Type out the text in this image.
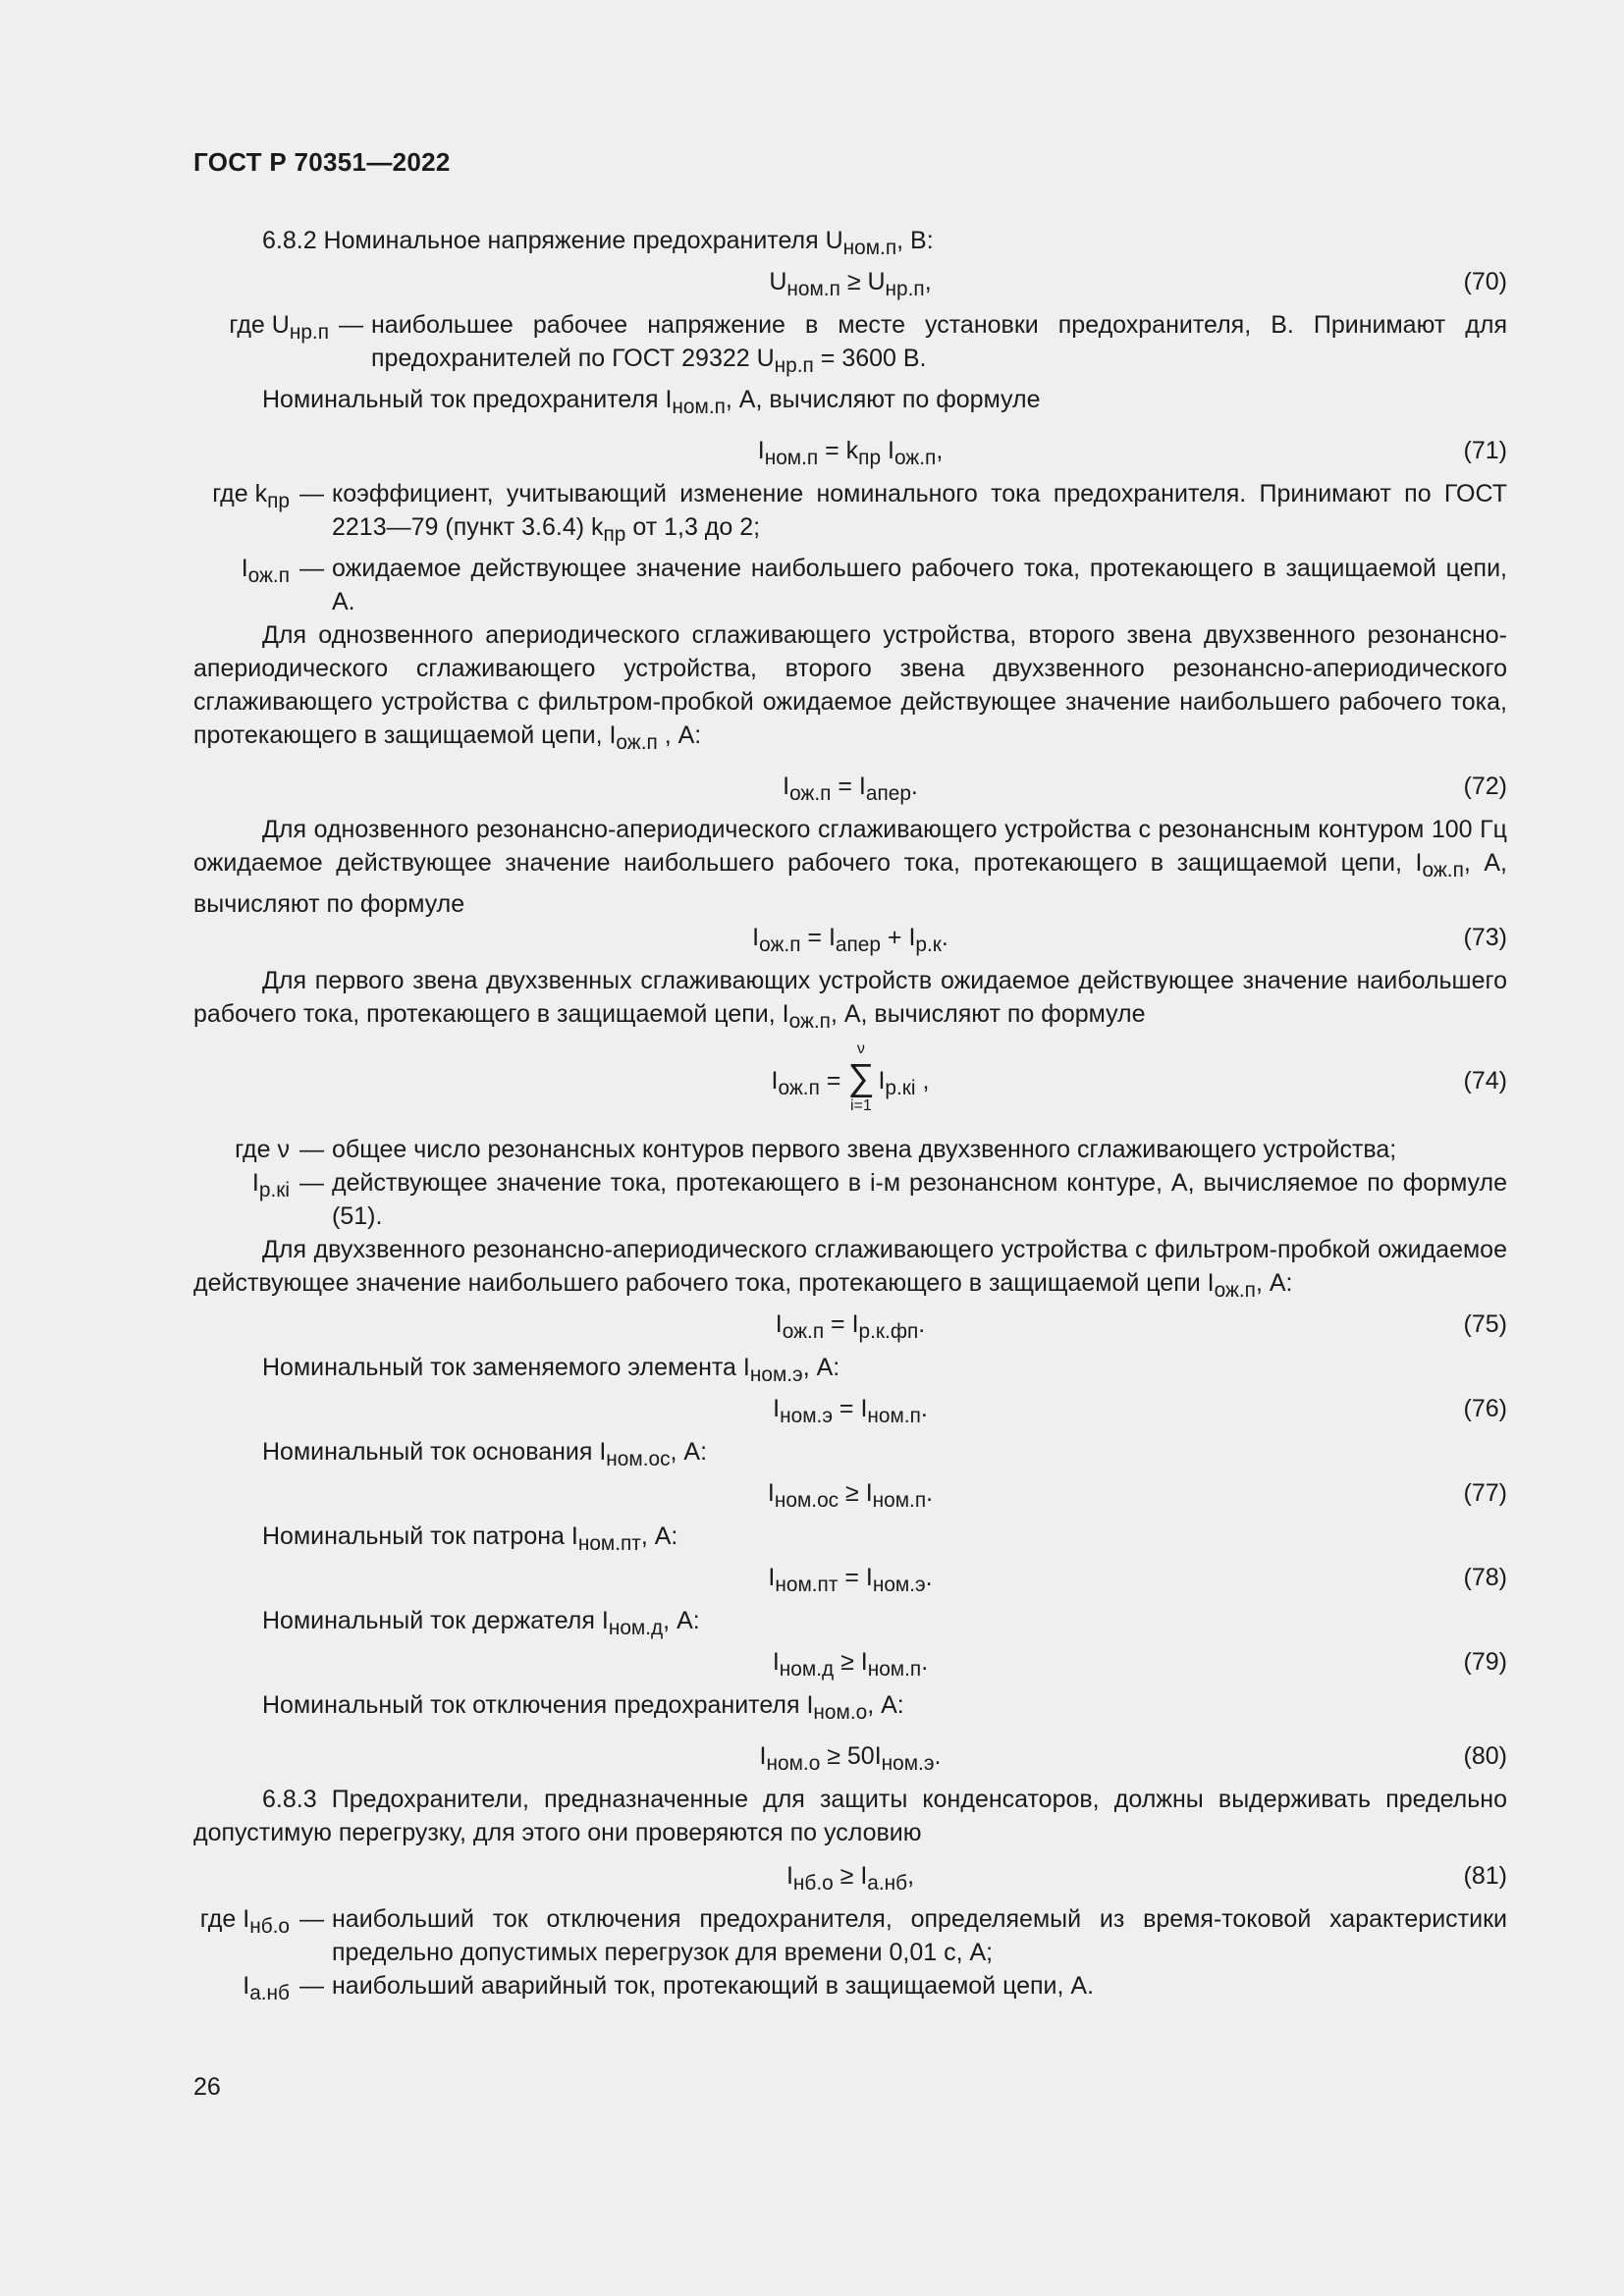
ГОСТ Р 70351—2022

6.8.2 Номинальное напряжение предохранителя $U_{ном.п}$, В:

$U_{ном.п} \ge U_{нр.п}$,	(70)
где $U_{нр.п}$ — наибольшее рабочее напряжение в месте установки предохранителя, В. Принимают для предохранителей по ГОСТ 29322 $U_{нр.п} = 3600$ В.

Номинальный ток предохранителя $I_{ном.п}$, А, вычисляют по формуле

$I_{ном.п} = k_{пр}$ $I_{ож.п}$,	(71)
где $k_{пр}$ — коэффициент, учитывающий изменение номинального тока предохранителя. Принимают по ГОСТ 2213—79 (пункт 3.6.4) $k_{пр}$ от 1,3 до 2;
$I_{ож.п}$ — ожидаемое действующее значение наибольшего рабочего тока, протекающего в защищаемой цепи, А.

Для однозвенного апериодического сглаживающего устройства, второго звена двухзвенного резонансно-апериодического сглаживающего устройства, второго звена двухзвенного резонансно-апериодического сглаживающего устройства с фильтром-пробкой ожидаемое действующее значение наибольшего рабочего тока, протекающего в защищаемой цепи, $I_{ож.п}$ , А:

$I_{ож.п} = I_{апер}$.	(72)

Для однозвенного резонансно-апериодического сглаживающего устройства с резонансным контуром 100 Гц ожидаемое действующее значение наибольшего рабочего тока, протекающего в защищаемой цепи, $I_{ож.п}$, А, вычисляют по формуле

$I_{ож.п} = I_{апер} + I_{р.к}$.	(73)

Для первого звена двухзвенных сглаживающих устройств ожидаемое действующее значение наибольшего рабочего тока, протекающего в защищаемой цепи, $I_{ож.п}$, А, вычисляют по формуле

$I_{ож.п}$ =
ν
∑
i=1
$I_{р.кi}$ ,	(74)
где ν — общее число резонансных контуров первого звена двухзвенного сглаживающего устройства;
$I_{р.кi}$ — действующее значение тока, протекающего в i-м резонансном контуре, А, вычисляемое по формуле (51).

Для двухзвенного резонансно-апериодического сглаживающего устройства с фильтром-пробкой ожидаемое действующее значение наибольшего рабочего тока, протекающего в защищаемой цепи $I_{ож.п}$, А:

$I_{ож.п} = I_{р.к.фп}$.	(75)

Номинальный ток заменяемого элемента $I_{ном.э}$, А:

$I_{ном.э} = I_{ном.п}$.	(76)

Номинальный ток основания $I_{ном.ос}$, А:

$I_{ном.ос} \ge I_{ном.п}$.	(77)

Номинальный ток патрона $I_{ном.пт}$, А:

$I_{ном.пт} = I_{ном.э}$.	(78)

Номинальный ток держателя $I_{ном.д}$, А:

$I_{ном.д} \ge I_{ном.п}$.	(79)

Номинальный ток отключения предохранителя $I_{ном.о}$, А:

$I_{ном.о} \ge 50I_{ном.э}$.	(80)

6.8.3 Предохранители, предназначенные для защиты конденсаторов, должны выдерживать предельно допустимую перегрузку, для этого они проверяются по условию

$I_{нб.о} \ge I_{а.нб}$,	(81)
где $I_{нб.о}$ — наибольший ток отключения предохранителя, определяемый из время-токовой характеристики предельно допустимых перегрузок для времени 0,01 с, А;
$I_{а.нб}$ — наибольший аварийный ток, протекающий в защищаемой цепи, А.
26
